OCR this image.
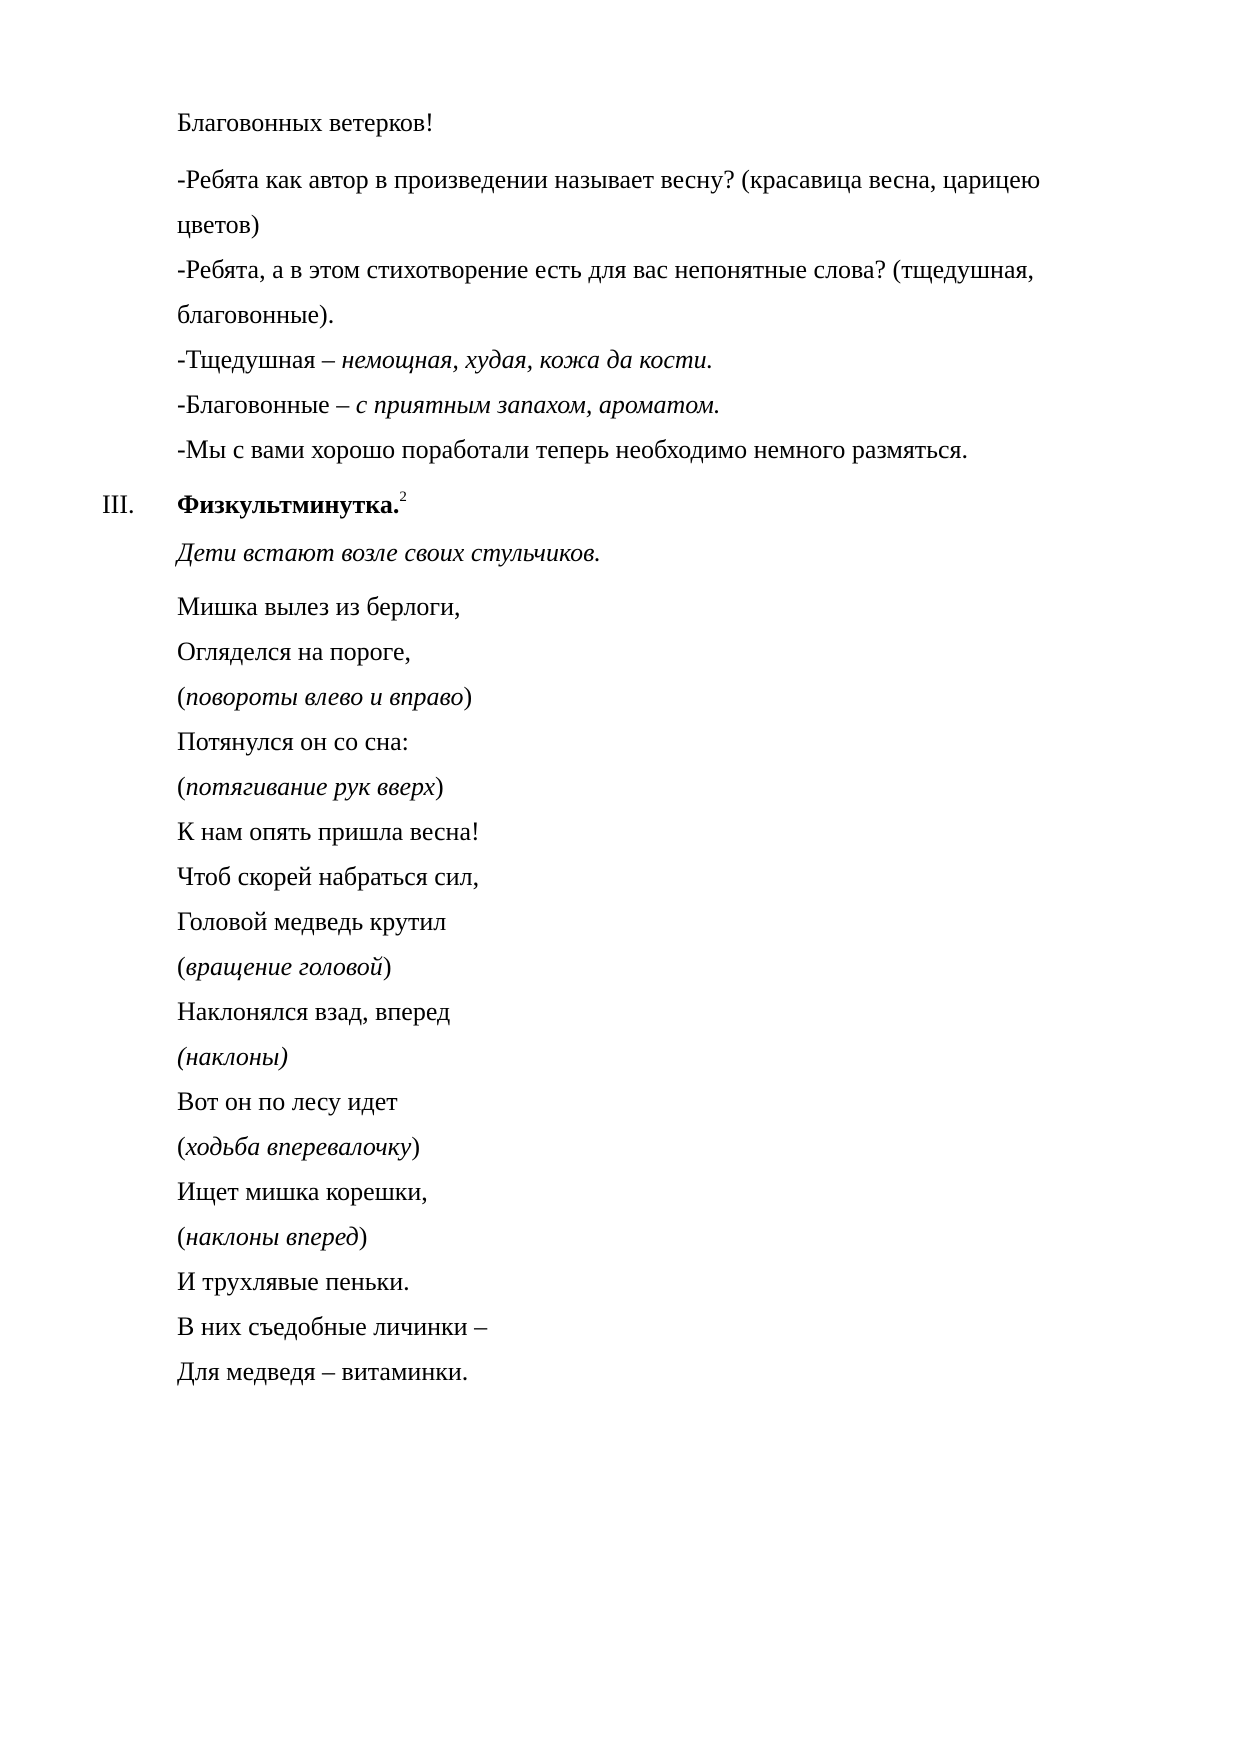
Благовонных ветерков!
-Ребята как автор в произведении называет весну? (красавица весна, царицею
цветов)
-Ребята, а в этом стихотворение есть для вас непонятные слова? (тщедушная,
благовонные).
-Тщедушная – немощная, худая, кожа да кости.
-Благовонные – с приятным запахом, ароматом.
-Мы с вами хорошо поработали теперь необходимо немного размяться.
III. Физкультминутка.$^2$
Дети встают возле своих стульчиков.
Мишка вылез из берлоги,
Огляделся на пороге,
(повороты влево и вправо)
Потянулся он со сна:
(потягивание рук вверх)
К нам опять пришла весна!
Чтоб скорей набраться сил,
Головой медведь крутил
(вращение головой)
Наклонялся взад, вперед
(наклоны)
Вот он по лесу идет
(ходьба вперевалочку)
Ищет мишка корешки,
(наклоны вперед)
И трухлявые пеньки.
В них съедобные личинки –
Для медведя – витаминки.
